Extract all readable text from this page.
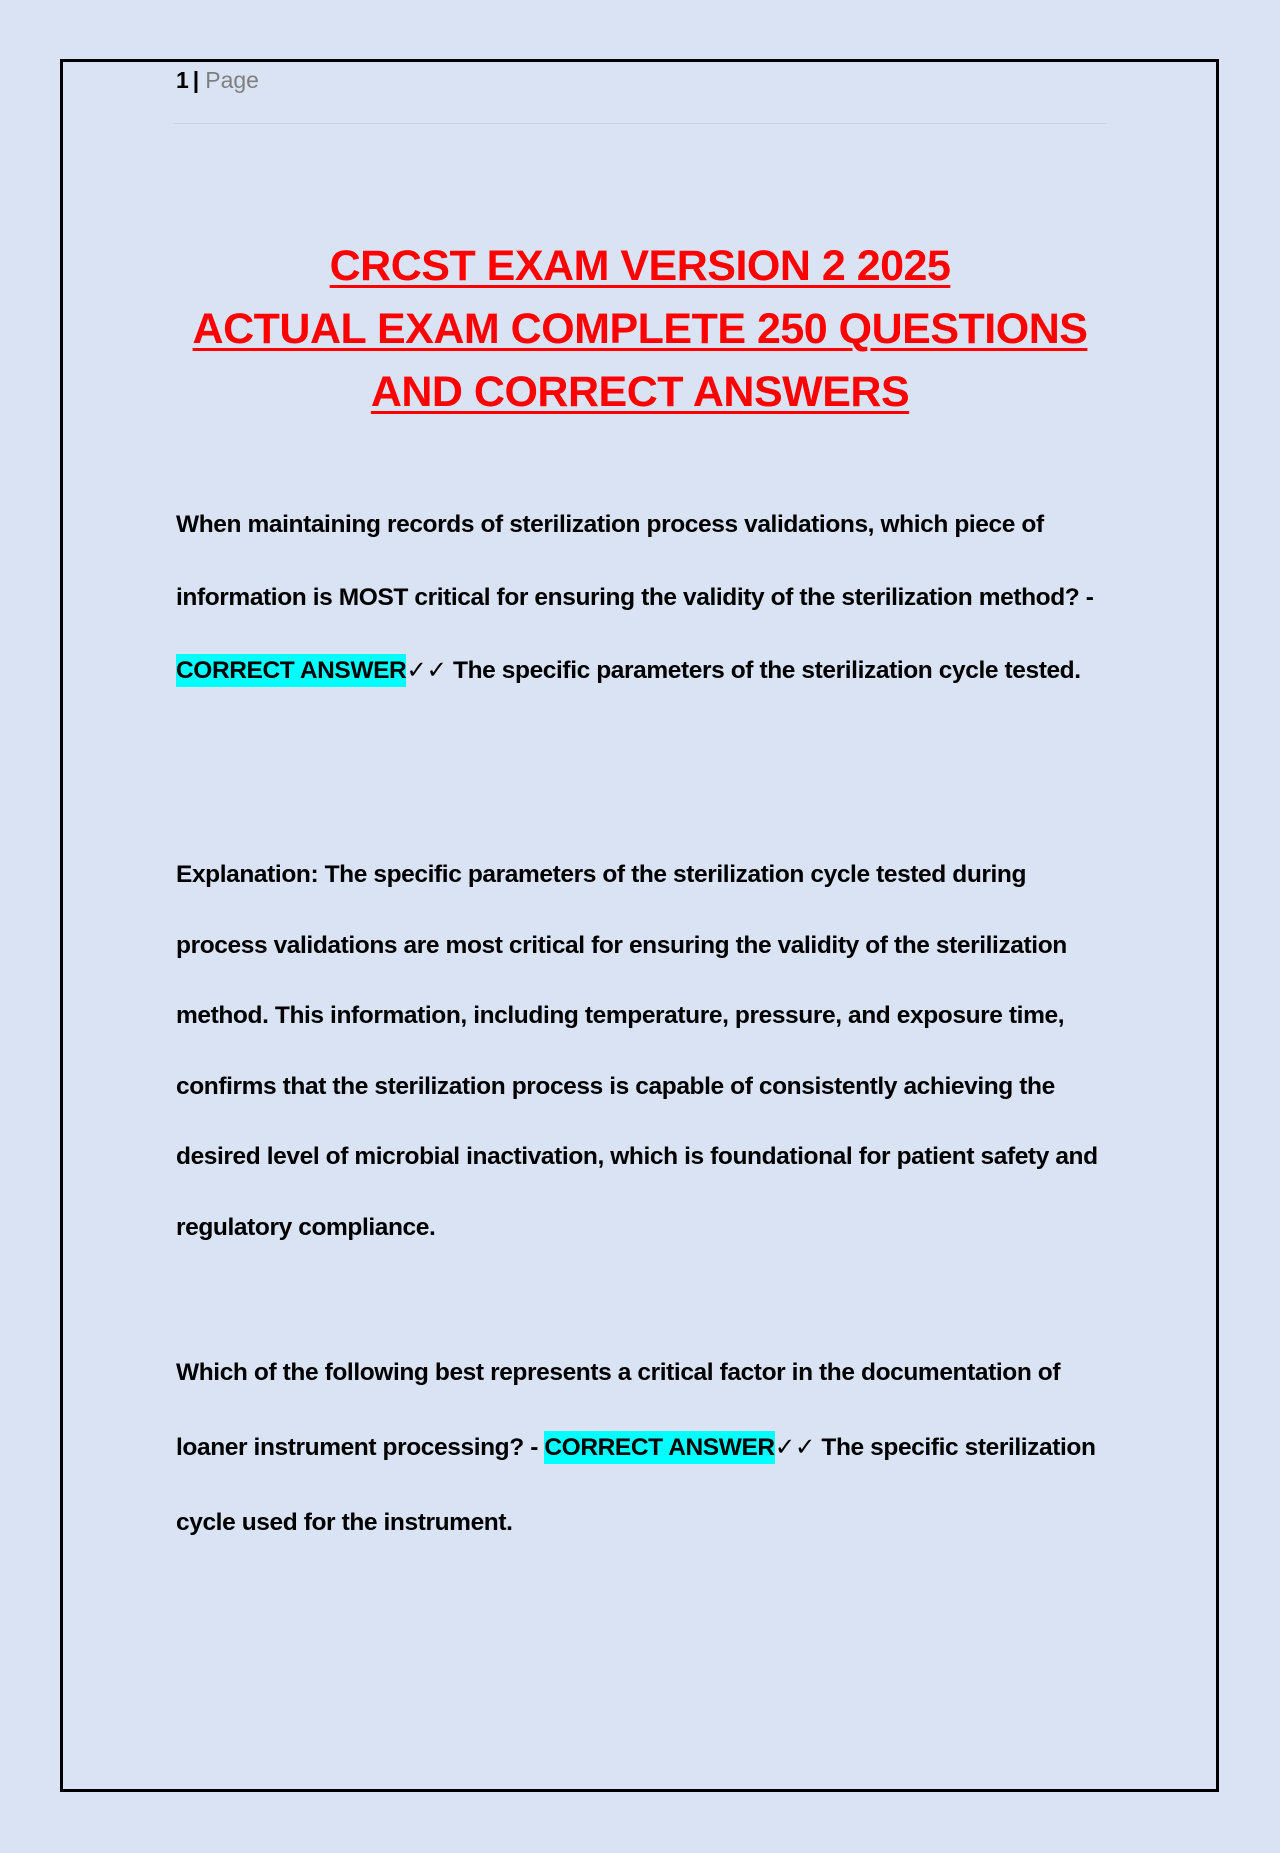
1 | Page
CRCST EXAM VERSION 2 2025
ACTUAL EXAM COMPLETE 250 QUESTIONS
AND CORRECT ANSWERS
When maintaining records of sterilization process validations, which piece of information is MOST critical for ensuring the validity of the sterilization method? - CORRECT ANSWER✓✓ The specific parameters of the sterilization cycle tested.
Explanation: The specific parameters of the sterilization cycle tested during process validations are most critical for ensuring the validity of the sterilization method. This information, including temperature, pressure, and exposure time, confirms that the sterilization process is capable of consistently achieving the desired level of microbial inactivation, which is foundational for patient safety and regulatory compliance.
Which of the following best represents a critical factor in the documentation of loaner instrument processing? - CORRECT ANSWER✓✓ The specific sterilization cycle used for the instrument.
